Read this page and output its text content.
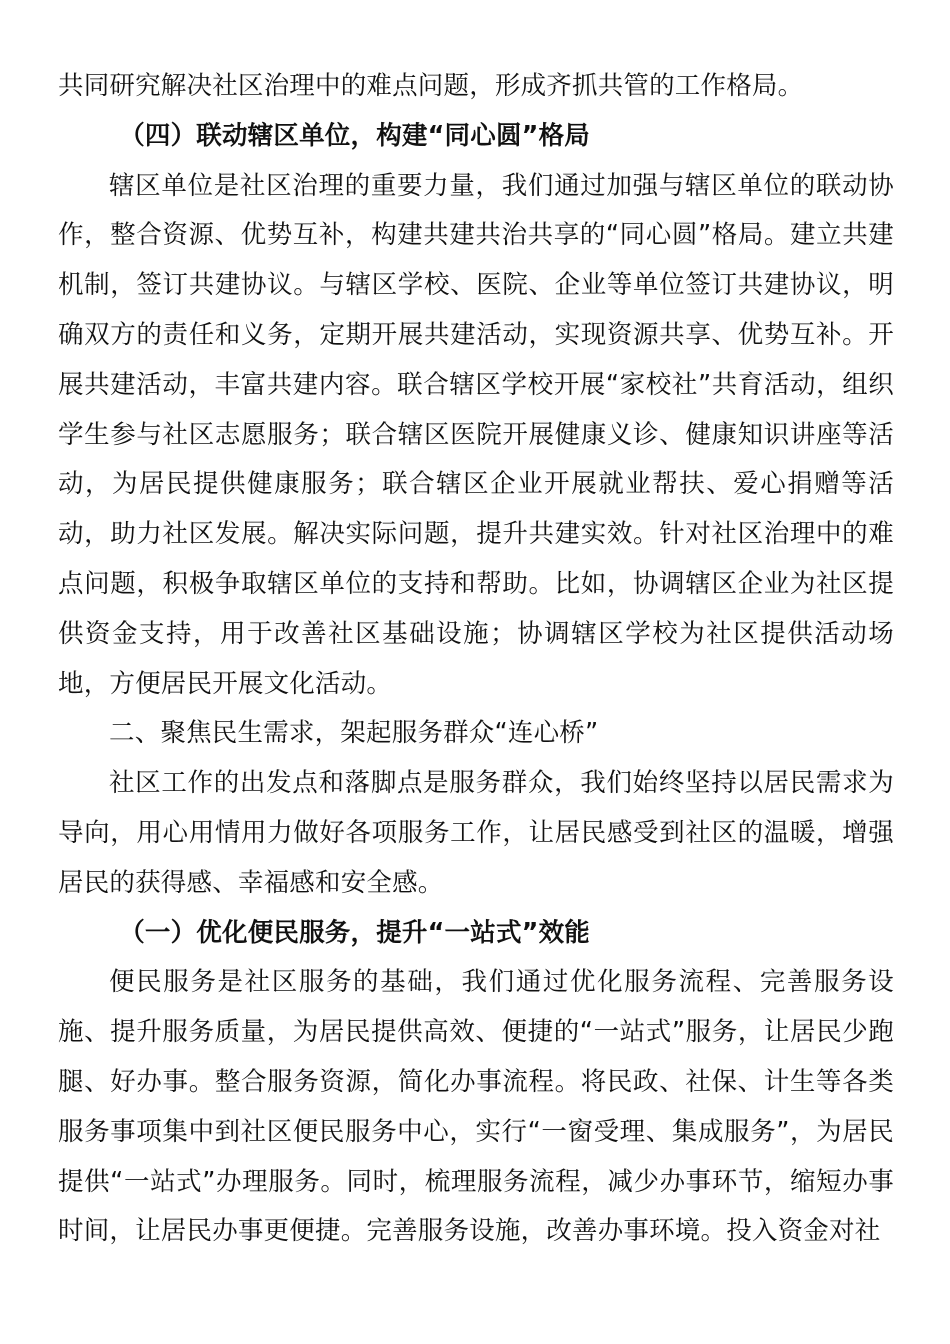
共同研究解决社区治理中的难点问题，形成齐抓共管的工作格局。

（四）联动辖区单位，构建“同心圆”格局

辖区单位是社区治理的重要力量，我们通过加强与辖区单位的联动协作，整合资源、优势互补，构建共建共治共享的“同心圆”格局。建立共建机制，签订共建协议。与辖区学校、医院、企业等单位签订共建协议，明确双方的责任和义务，定期开展共建活动，实现资源共享、优势互补。开展共建活动，丰富共建内容。联合辖区学校开展“家校社”共育活动，组织学生参与社区志愿服务；联合辖区医院开展健康义诊、健康知识讲座等活动，为居民提供健康服务；联合辖区企业开展就业帮扶、爱心捐赠等活动，助力社区发展。解决实际问题，提升共建实效。针对社区治理中的难点问题，积极争取辖区单位的支持和帮助。比如，协调辖区企业为社区提供资金支持，用于改善社区基础设施；协调辖区学校为社区提供活动场地，方便居民开展文化活动。

二、聚焦民生需求，架起服务群众“连心桥”

社区工作的出发点和落脚点是服务群众，我们始终坚持以居民需求为导向，用心用情用力做好各项服务工作，让居民感受到社区的温暖，增强居民的获得感、幸福感和安全感。

（一）优化便民服务，提升“一站式”效能

便民服务是社区服务的基础，我们通过优化服务流程、完善服务设施、提升服务质量，为居民提供高效、便捷的“一站式”服务，让居民少跑腿、好办事。整合服务资源，简化办事流程。将民政、社保、计生等各类服务事项集中到社区便民服务中心，实行“一窗受理、集成服务”，为居民提供“一站式”办理服务。同时，梳理服务流程，减少办事环节，缩短办事时间，让居民办事更便捷。完善服务设施，改善办事环境。投入资金对社
